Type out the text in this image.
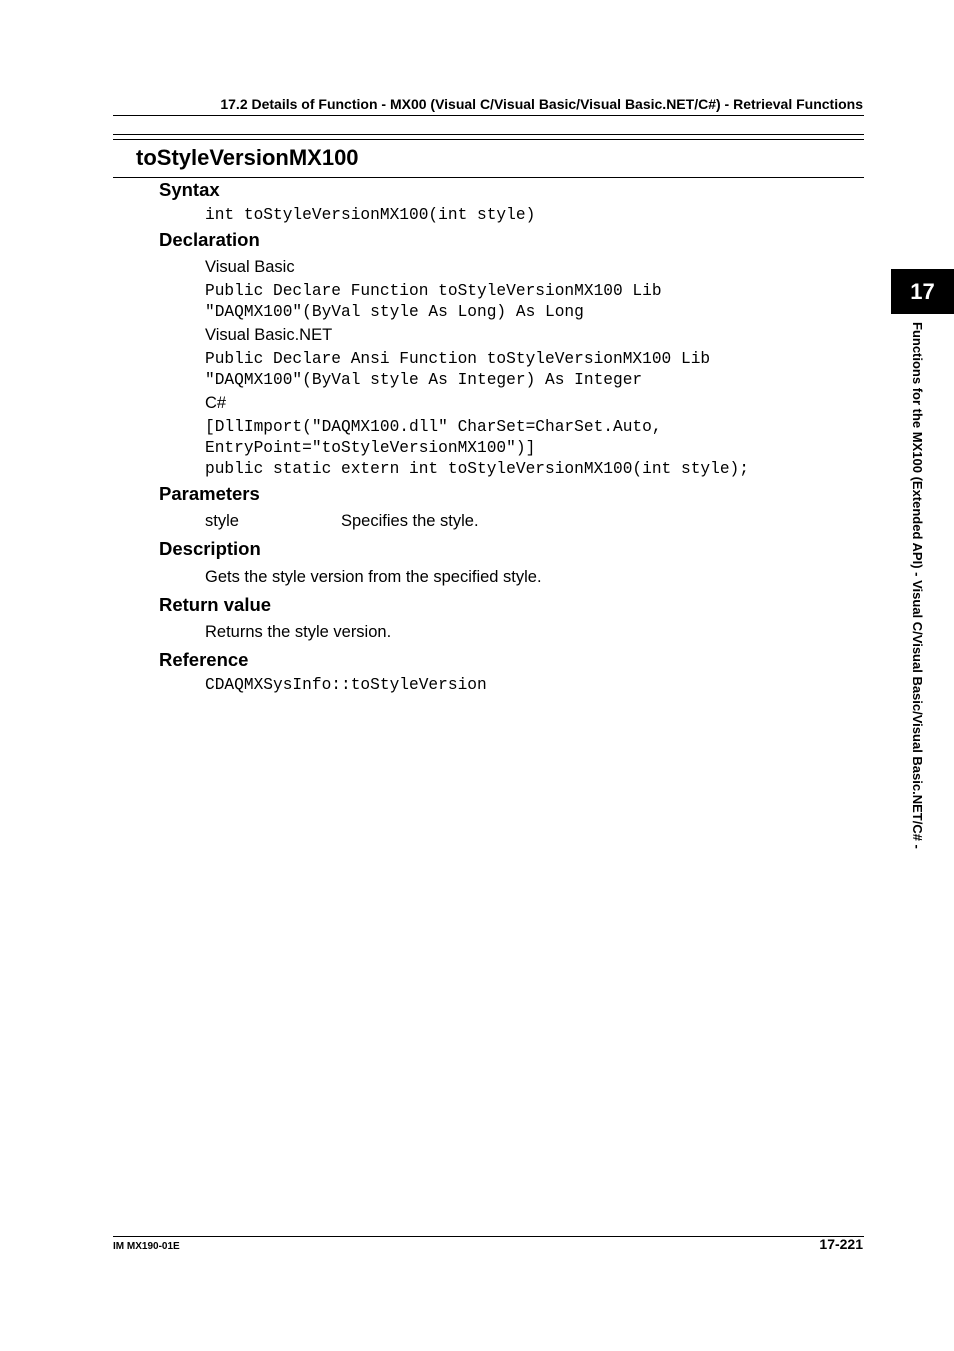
17.2 Details of Function - MX00 (Visual C/Visual Basic/Visual Basic.NET/C#) - Retrieval Functions
toStyleVersionMX100
Syntax
int toStyleVersionMX100(int style)
Declaration
Visual Basic
Public Declare Function toStyleVersionMX100 Lib
"DAQMX100"(ByVal style As Long) As Long
Visual Basic.NET
Public Declare Ansi Function toStyleVersionMX100 Lib
"DAQMX100"(ByVal style As Integer) As Integer
C#
[DllImport("DAQMX100.dll" CharSet=CharSet.Auto,
EntryPoint="toStyleVersionMX100")]
public static extern int toStyleVersionMX100(int style);
Parameters
style	Specifies the style.
Description
Gets the style version from the specified style.
Return value
Returns the style version.
Reference
CDAQMXSysInfo::toStyleVersion
17
Functions for the MX100 (Extended API) - Visual C/Visual Basic/Visual Basic.NET/C# -
IM MX190-01E	17-221
